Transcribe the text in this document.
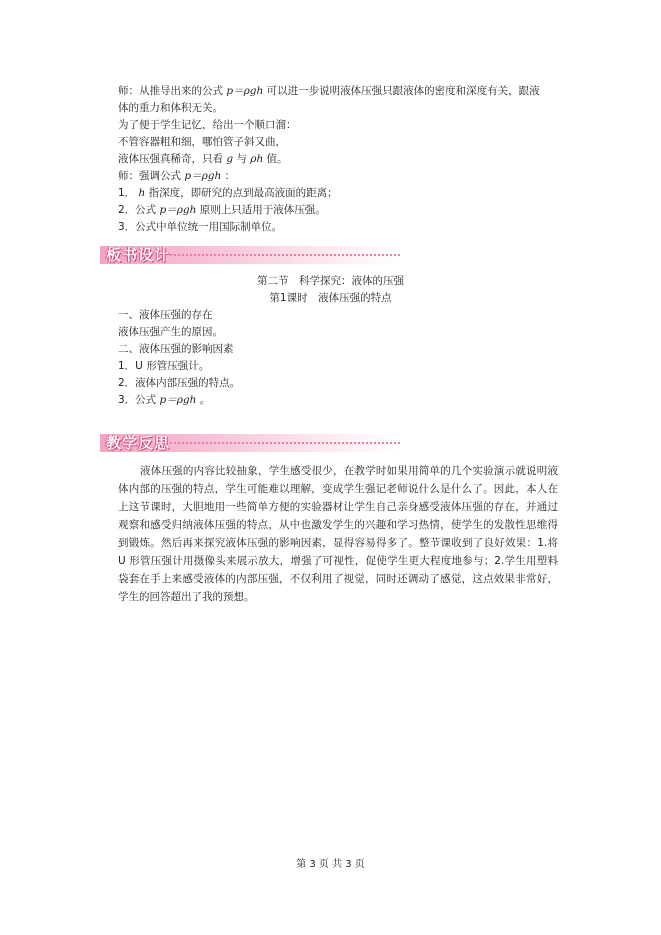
师：从推导出来的公式 p＝ρgh 可以进一步说明液体压强只跟液体的密度和深度有关，跟液
体的重力和体积无关。
为了便于学生记忆，给出一个顺口溜：
不管容器粗和细，哪怕管子斜又曲，
液体压强真稀奇，只看 g 与 ρh 值。
师：强调公式 p＝ρgh ：
1． h 指深度，即研究的点到最高液面的距离；
2．公式 p＝ρgh 原则上只适用于液体压强。
3．公式中单位统一用国际制单位。
板书设计
第二节　科学探究：液体的压强
第1课时　液体压强的特点
一、液体压强的存在
液体压强产生的原因。
二、液体压强的影响因素
1．U 形管压强计。
2．液体内部压强的特点。
3．公式 p＝ρgh 。
教学反思
液体压强的内容比较抽象，学生感受很少，在教学时如果用简单的几个实验演示就说明液体内部的压强的特点，学生可能难以理解，变成学生强记老师说什么是什么了。因此，本人在上这节课时，大胆地用一些简单方便的实验器材让学生自己亲身感受液体压强的存在，并通过观察和感受归纳液体压强的特点，从中也激发学生的兴趣和学习热情，使学生的发散性思维得到锻炼。然后再来探究液体压强的影响因素，显得容易得多了。整节课收到了良好效果：1.将 U 形管压强计用摄像头来展示放大，增强了可视性，促使学生更大程度地参与；2.学生用塑料袋套在手上来感受液体的内部压强，不仅利用了视觉，同时还调动了感觉，这点效果非常好，学生的回答超出了我的预想。
第 3 页 共 3 页
